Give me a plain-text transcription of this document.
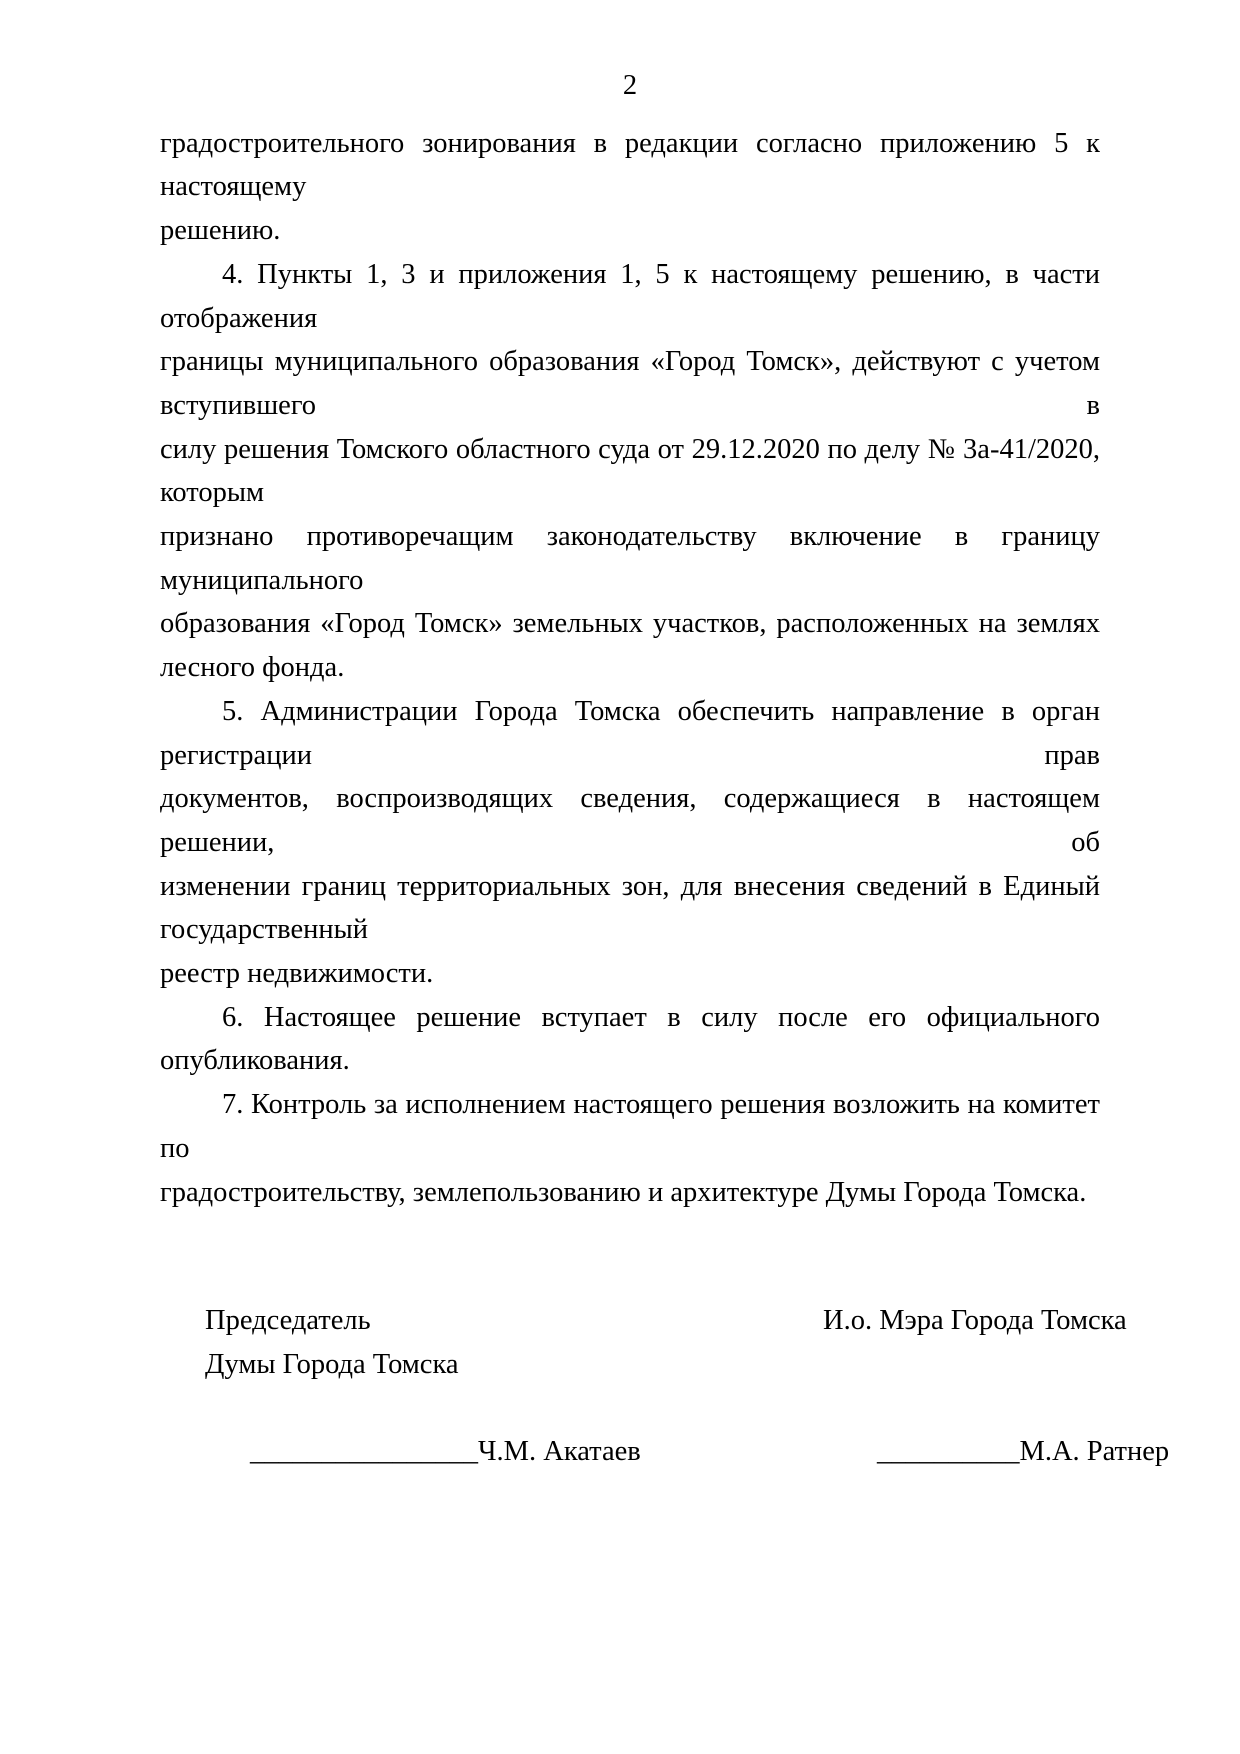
2
градостроительного зонирования в редакции согласно приложению 5 к настоящему
решению.
4. Пункты 1, 3 и приложения 1, 5 к настоящему решению, в части отображения
границы муниципального образования «Город Томск», действуют с учетом вступившего в
силу решения Томского областного суда от 29.12.2020 по делу № 3а-41/2020, которым
признано противоречащим законодательству включение в границу муниципального
образования «Город Томск» земельных участков, расположенных на землях лесного фонда.
5. Администрации Города Томска обеспечить направление в орган регистрации прав
документов, воспроизводящих сведения, содержащиеся в настоящем решении, об
изменении границ территориальных зон, для внесения сведений в Единый государственный
реестр недвижимости.
6. Настоящее решение вступает в силу после его официального опубликования.
7. Контроль за исполнением настоящего решения возложить на комитет по
градостроительству, землепользованию и архитектуре Думы Города Томска.
Председатель	И.о. Мэра Города Томска
Думы Города Томска
________________Ч.М. Акатаев	__________М.А. Ратнер
